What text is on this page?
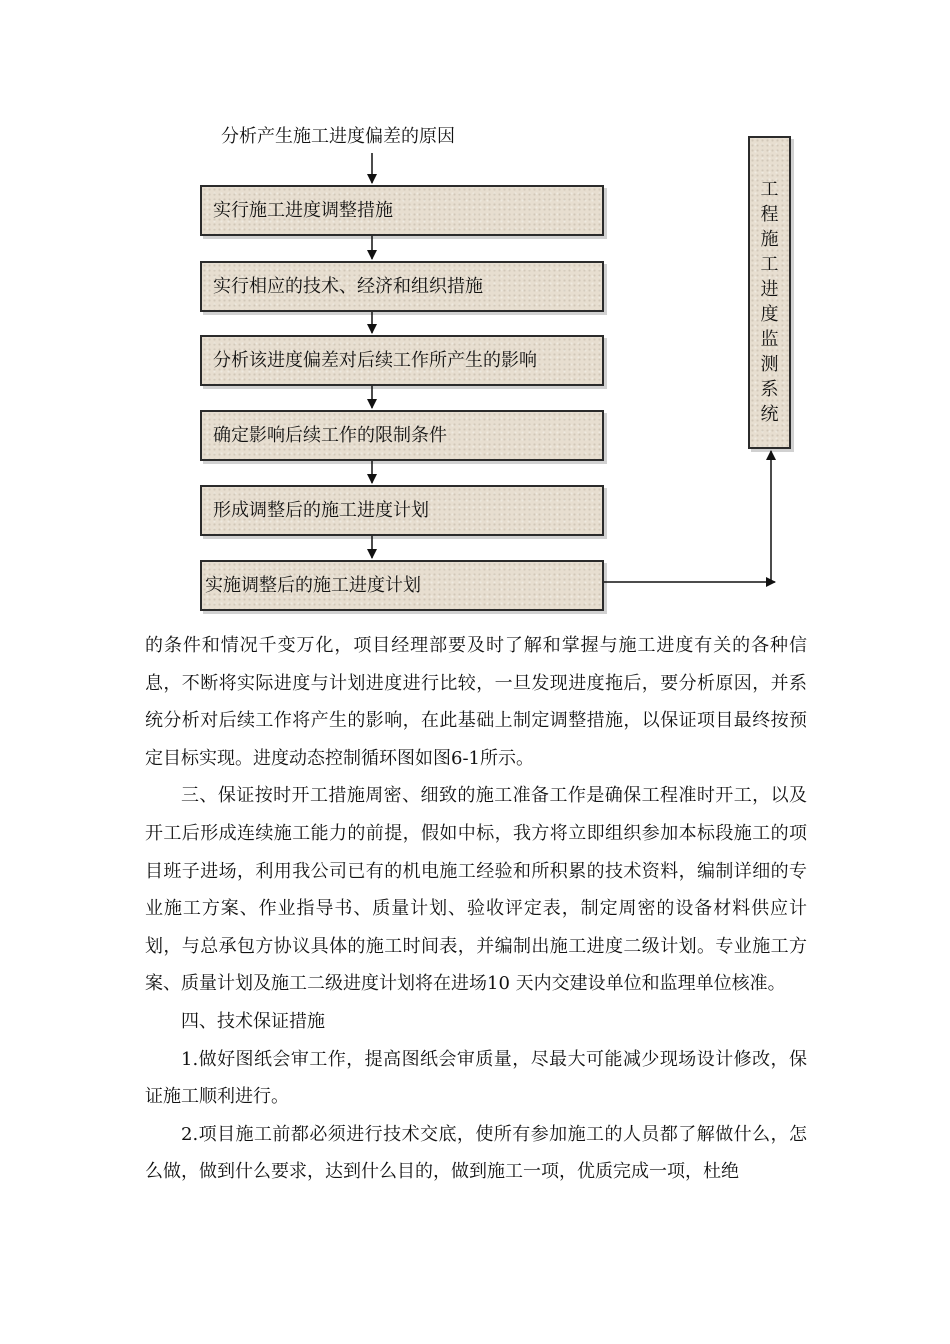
分析产生施工进度偏差的原因
实行施工进度调整措施
实行相应的技术、经济和组织措施
分析该进度偏差对后续工作所产生的影响
确定影响后续工作的限制条件
形成调整后的施工进度计划
实施调整后的施工进度计划
工
程
施
工
进
度
监
测
系
统

的条件和情况千变万化，项目经理部要及时了解和掌握与施工进度有关的各种信息，不断将实际进度与计划进度进行比较，一旦发现进度拖后，要分析原因，并系统分析对后续工作将产生的影响，在此基础上制定调整措施，以保证项目最终按预定目标实现。进度动态控制循环图如图6-1所示。

三、保证按时开工措施周密、细致的施工准备工作是确保工程准时开工，以及开工后形成连续施工能力的前提，假如中标，我方将立即组织参加本标段施工的项目班子进场，利用我公司已有的机电施工经验和所积累的技术资料，编制详细的专业施工方案、作业指导书、质量计划、验收评定表，制定周密的设备材料供应计划，与总承包方协议具体的施工时间表，并编制出施工进度二级计划。专业施工方案、质量计划及施工二级进度计划将在进场10 天内交建设单位和监理单位核准。

四、技术保证措施

1.做好图纸会审工作，提高图纸会审质量，尽最大可能减少现场设计修改，保证施工顺利进行。

2.项目施工前都必须进行技术交底，使所有参加施工的人员都了解做什么，怎么做，做到什么要求，达到什么目的，做到施工一项，优质完成一项，杜绝
